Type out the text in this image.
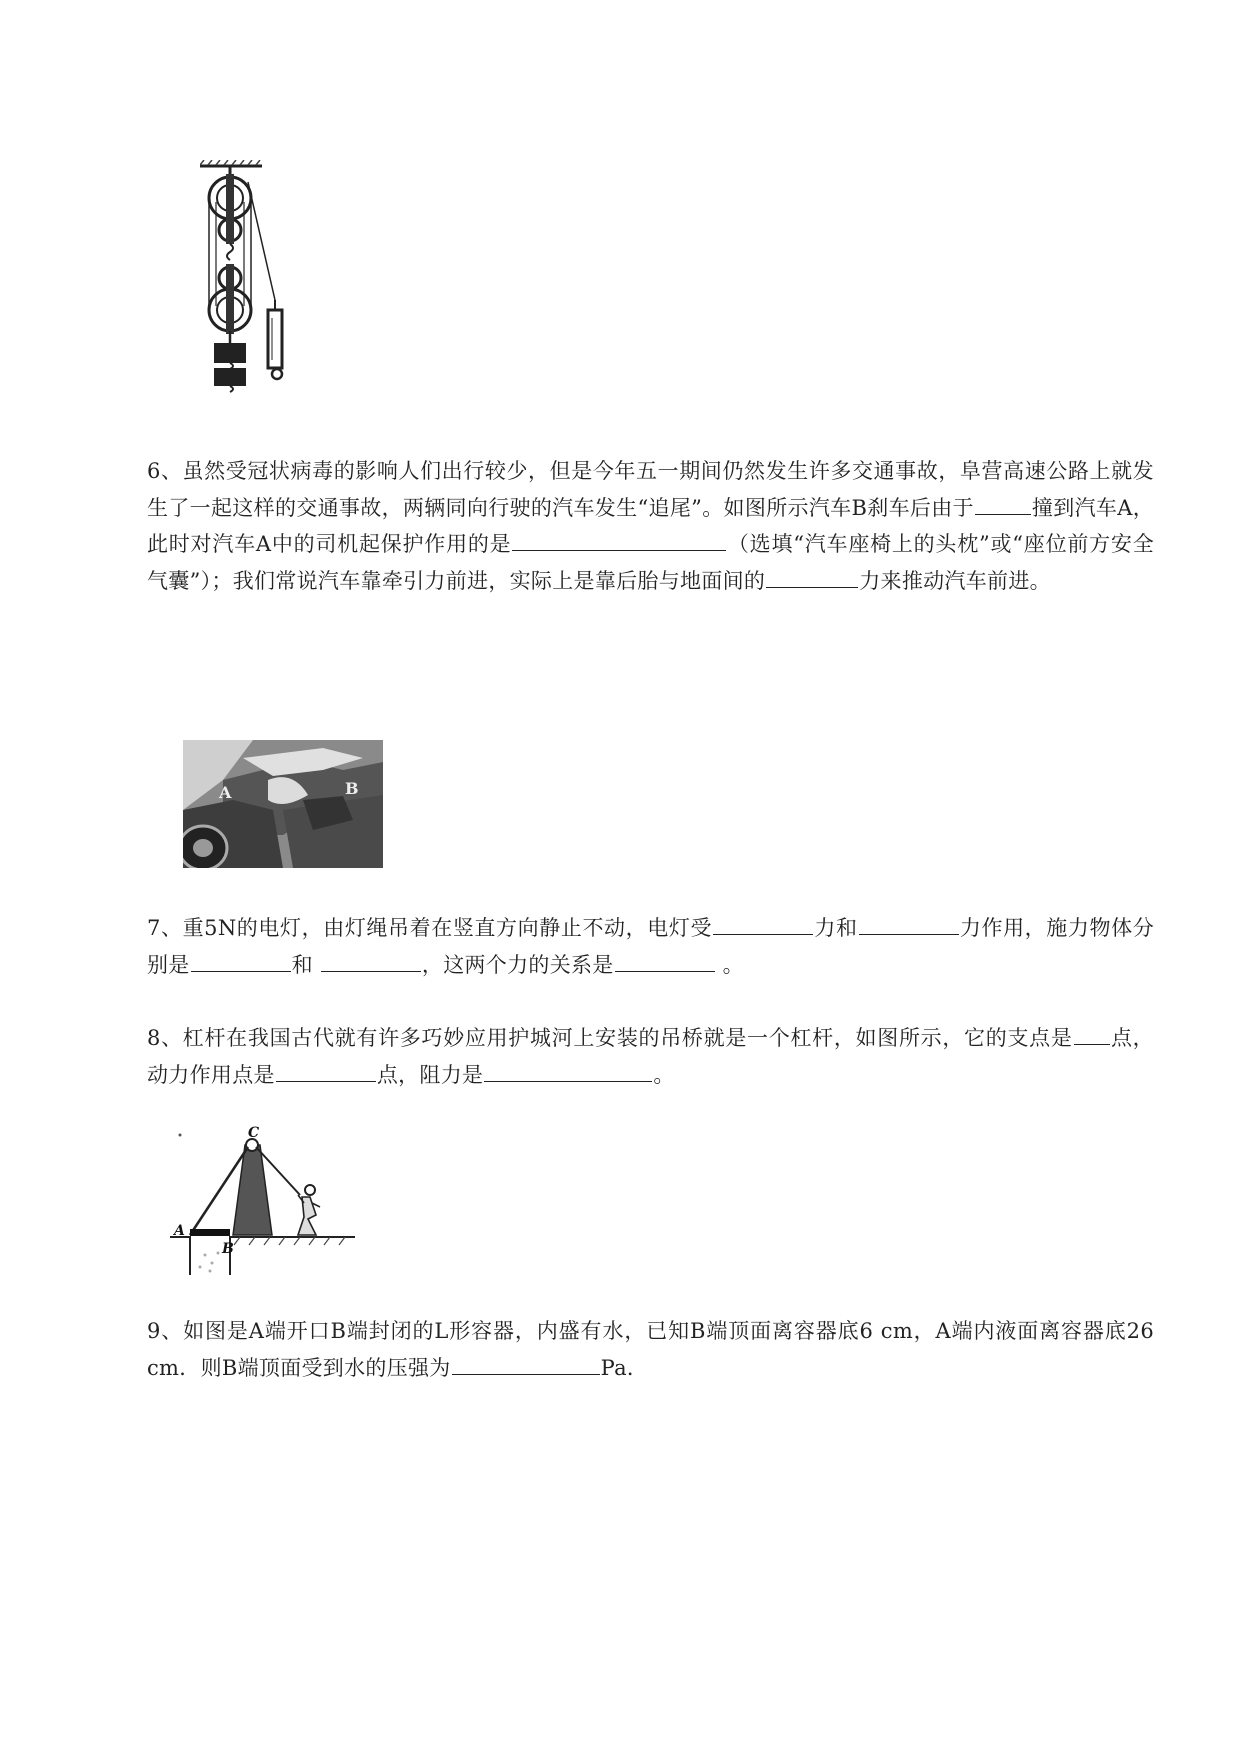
6、虽然受冠状病毒的影响人们出行较少，但是今年五一期间仍然发生许多交通事故，阜营高速公路上就发生了一起这样的交通事故，两辆同向行驶的汽车发生“追尾”。如图所示汽车B刹车后由于	撞到汽车A，此时对汽车A中的司机起保护作用的是	（选填“汽车座椅上的头枕”或“座位前方安全气囊”）；我们常说汽车靠牵引力前进，实际上是靠后胎与地面间的	力来推动汽车前进。
A	B
7、重5N的电灯，由灯绳吊着在竖直方向静止不动，电灯受	力和	力作用，施力物体分别是	和	，这两个力的关系是	。
8、杠杆在我国古代就有许多巧妙应用护城河上安装的吊桥就是一个杠杆，如图所示，它的支点是 点，动力作用点是	点，阻力是	。
C
A
B
9、如图是A端开口B端封闭的L形容器，内盛有水，已知B端顶面离容器底6 cm，A端内液面离容器底26 cm．则B端顶面受到水的压强为	Pa．
